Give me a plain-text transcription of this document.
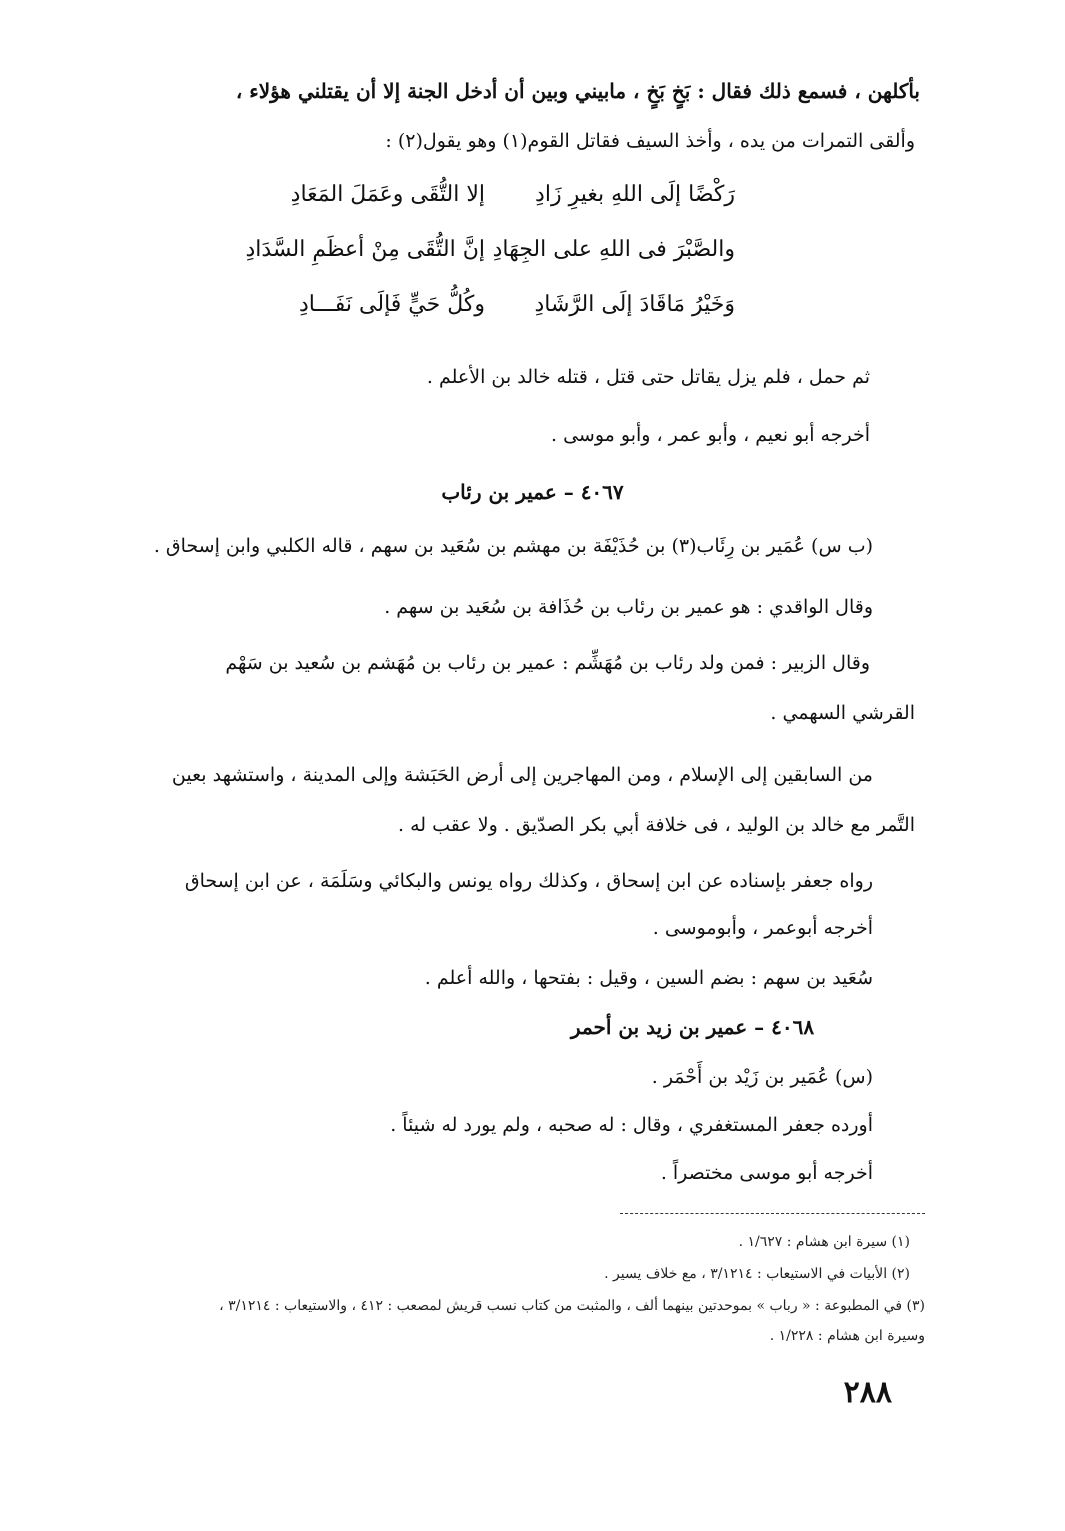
بأكلهن ، فسمع ذلك فقال : بَخٍ بَخٍ ، مابيني وبين أن أدخل الجنة إلا أن يقتلني هؤلاء ،
وألقى التمرات من يده ، وأخذ السيف فقاتل القوم(١) وهو يقول(٢) :
رَكْضًا إلَى اللهِ بغيرِ زَادِ
إلا التُّقَى وعَمَلَ المَعَادِ
والصَّبْرَ فى اللهِ على الجِهَادِ
إنَّ التُّقَى مِنْ أعظَمِ السَّدَادِ
وَخَيْرُ مَاقَادَ إلَى الرَّشَادِ
وكُلُّ حَيٍّ فَإلَى نَفَـــادِ
ثم حمل ، فلم يزل يقاتل حتى قتل ، قتله خالد بن الأعلم .
أخرجه أبو نعيم ، وأبو عمر ، وأبو موسى .
٤٠٦٧ – عمير بن رئاب
(ب س) عُمَير بن رِئَاب(٣) بن حُذَيْفَة بن مهشم بن سُعَيد بن سهم ، قاله الكلبي وابن إسحاق .
وقال الواقدي : هو عمير بن رئاب بن حُذَافة بن سُعَيد بن سهم .
وقال الزبير : فمن ولد رئاب بن مُهَشِّم : عمير بن رئاب بن مُهَشم بن سُعيد بن سَهْم
القرشي السهمي .
من السابقين إلى الإسلام ، ومن المهاجرين إلى أرض الحَبَشة وإلى المدينة ، واستشهد بعين
التَّمر مع خالد بن الوليد ، فى خلافة أبي بكر الصدّيق . ولا عقب له .
رواه جعفر بإسناده عن ابن إسحاق ، وكذلك رواه يونس والبكائي وسَلَمَة ، عن ابن إسحاق
أخرجه أبوعمر ، وأبوموسى .
سُعَيد بن سهم : بضم السين ، وقيل : بفتحها ، والله أعلم .
٤٠٦٨ – عمير بن زيد بن أحمر
(س) عُمَير بن زَيْد بن أَحْمَر .
أورده جعفر المستغفري ، وقال : له صحبه ، ولم يورد له شيئاً .
أخرجه أبو موسى مختصراً .
(١) سيرة ابن هشام : ١/٦٢٧ .
(٢) الأبيات في الاستيعاب : ٣/١٢١٤ ، مع خلاف يسير .
(٣) في المطبوعة : « رباب » بموحدتين بينهما ألف ، والمثبت من كتاب نسب قريش لمصعب : ٤١٢ ، والاستيعاب : ٣/١٢١٤ ،
وسيرة ابن هشام : ١/٢٢٨ .
٢٨٨
